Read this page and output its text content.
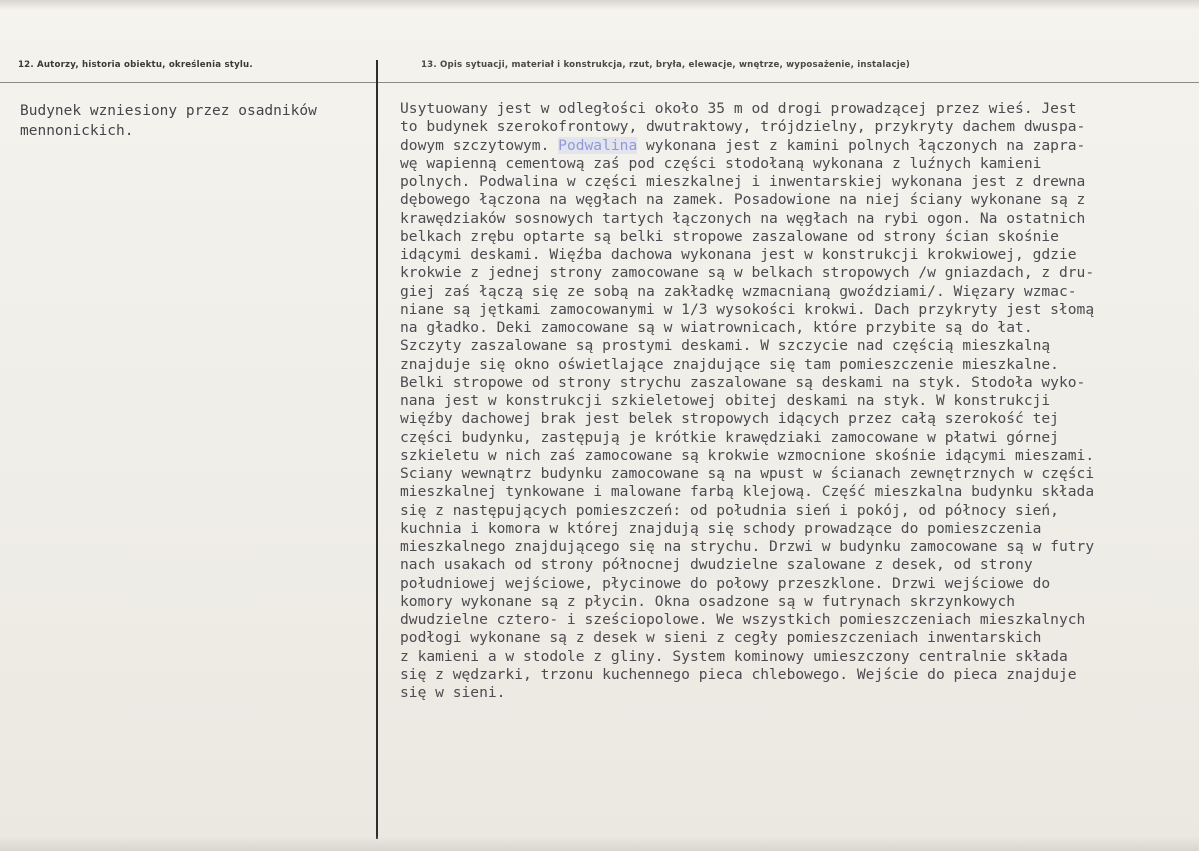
12. Autorzy, historia obiektu, określenia stylu.	13. Opis sytuacji, materiał i konstrukcja, rzut, bryła, elewacje, wnętrze, wyposażenie, instalacje)
Budynek wzniesiony przez osadników
mennonickich.
Usytuowany jest w odległości około 35 m od drogi prowadzącej przez wieś. Jest
to budynek szerokofrontowy, dwutraktowy, trójdzielny, przykryty dachem dwuspa-
dowym szczytowym. Podwalina wykonana jest z kamini polnych łączonych na zapra-
wę wapienną cementową zaś pod części stodołaną wykonana z luźnych kamieni
polnych. Podwalina w części mieszkalnej i inwentarskiej wykonana jest z drewna
dębowego łączona na węgłach na zamek. Posadowione na niej ściany wykonane są z
krawędziaków sosnowych tartych łączonych na węgłach na rybi ogon. Na ostatnich
belkach zrębu optarte są belki stropowe zaszalowane od strony ścian skośnie
idącymi deskami. Więźba dachowa wykonana jest w konstrukcji krokwiowej, gdzie
krokwie z jednej strony zamocowane są w belkach stropowych /w gniazdach, z dru-
giej zaś łączą się ze sobą na zakładkę wzmacnianą gwoździami/. Więzary wzmac-
niane są jętkami zamocowanymi w 1/3 wysokości krokwi. Dach przykryty jest słomą
na gładko. Deki zamocowane są w wiatrownicach, które przybite są do łat.
Szczyty zaszalowane są prostymi deskami. W szczycie nad częścią mieszkalną
znajduje się okno oświetlające znajdujące się tam pomieszczenie mieszkalne.
Belki stropowe od strony strychu zaszalowane są deskami na styk. Stodoła wyko-
nana jest w konstrukcji szkieletowej obitej deskami na styk. W konstrukcji
więźby dachowej brak jest belek stropowych idących przez całą szerokość tej
części budynku, zastępują je krótkie krawędziaki zamocowane w płatwi górnej
szkieletu w nich zaś zamocowane są krokwie wzmocnione skośnie idącymi mieszami.
Sciany wewnątrz budynku zamocowane są na wpust w ścianach zewnętrznych w części
mieszkalnej tynkowane i malowane farbą klejową. Część mieszkalna budynku składa
się z następujących pomieszczeń: od południa sień i pokój, od północy sień,
kuchnia i komora w której znajdują się schody prowadzące do pomieszczenia
mieszkalnego znajdującego się na strychu. Drzwi w budynku zamocowane są w futry
nach usakach od strony północnej dwudzielne szalowane z desek, od strony
południowej wejściowe, płycinowe do połowy przeszklone. Drzwi wejściowe do
komory wykonane są z płycin. Okna osadzone są w futrynach skrzynkowych
dwudzielne cztero- i sześciopolowe. We wszystkich pomieszczeniach mieszkalnych
podłogi wykonane są z desek w sieni z cegły pomieszczeniach inwentarskich
z kamieni a w stodole z gliny. System kominowy umieszczony centralnie składa
się z wędzarki, trzonu kuchennego pieca chlebowego. Wejście do pieca znajduje
się w sieni.
